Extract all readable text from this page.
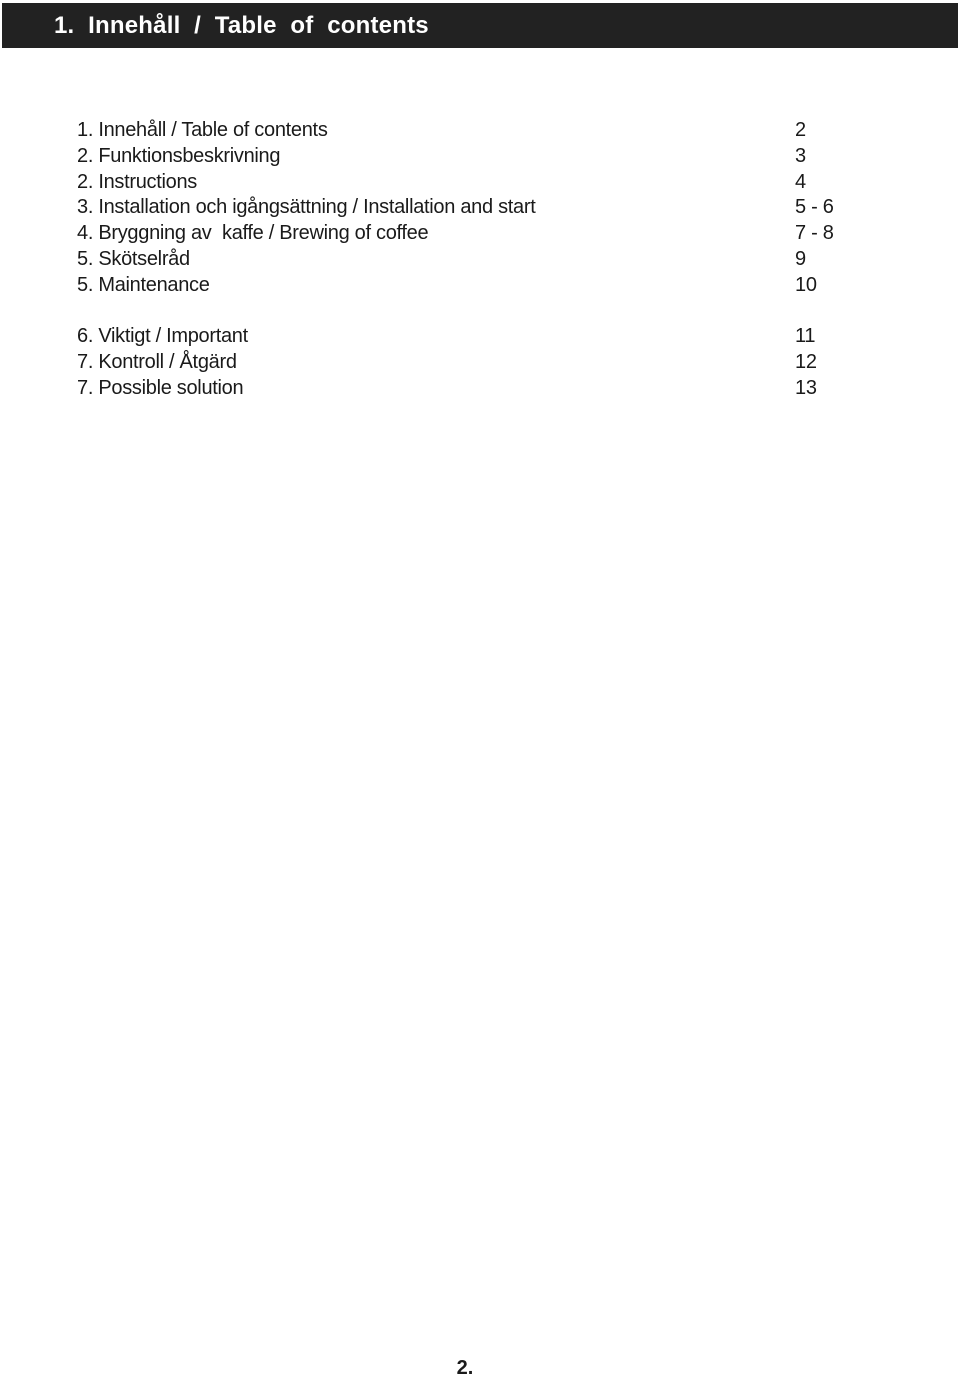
1.  Innehåll  /  Table  of  contents
1. Innehåll / Table of contents	2
2. Funktionsbeskrivning	3
2. Instructions	4
3. Installation och igångsättning / Installation and start	5 - 6
4. Bryggning av  kaffe / Brewing of coffee	7 - 8
5. Skötselråd	9
5. Maintenance	10
6. Viktigt / Important	11
7. Kontroll / Åtgärd	12
7. Possible solution	13
2.
